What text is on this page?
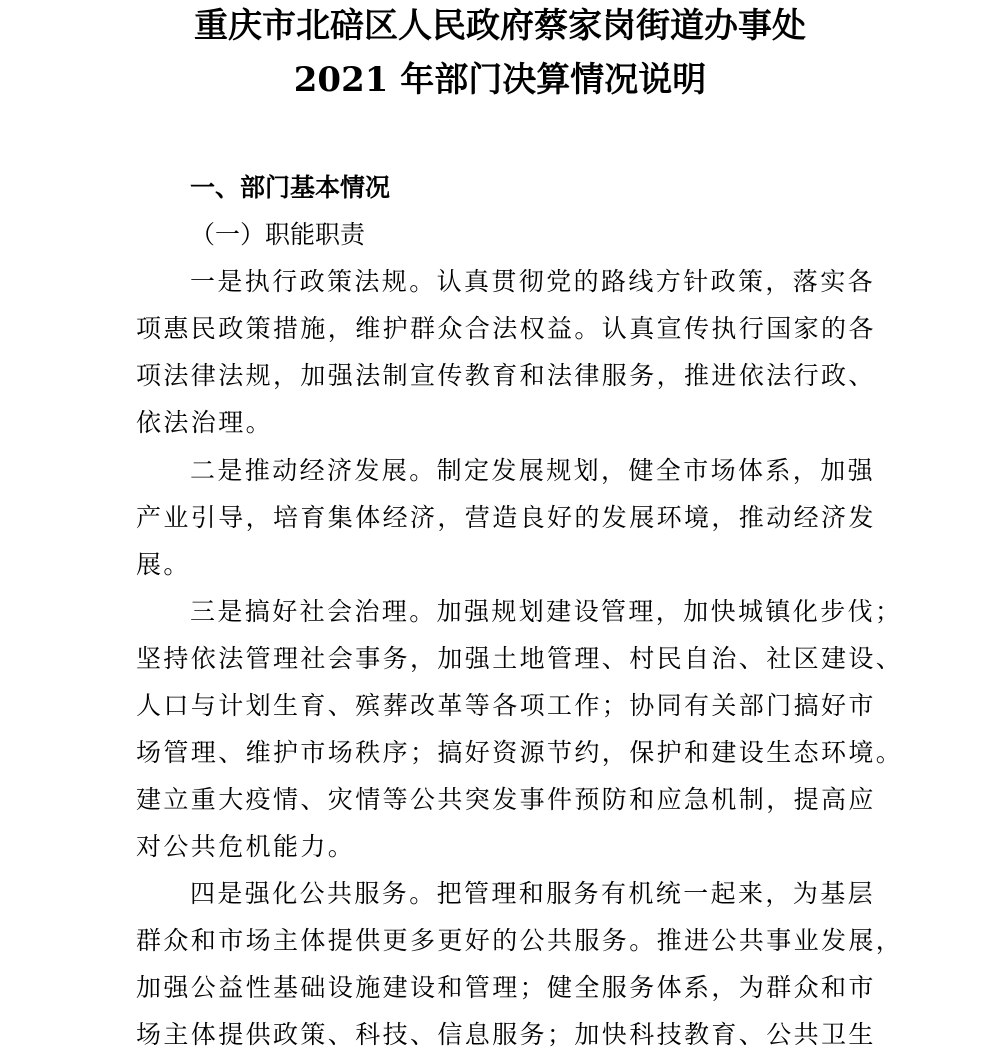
重庆市北碚区人民政府蔡家岗街道办事处
2021 年部门决算情况说明
一、部门基本情况
（一）职能职责
一是执行政策法规。认真贯彻党的路线方针政策，落实各
项惠民政策措施，维护群众合法权益。认真宣传执行国家的各
项法律法规，加强法制宣传教育和法律服务，推进依法行政、
依法治理。
二是推动经济发展。制定发展规划，健全市场体系，加强
产业引导，培育集体经济，营造良好的发展环境，推动经济发
展。
三是搞好社会治理。加强规划建设管理，加快城镇化步伐；
坚持依法管理社会事务，加强土地管理、村民自治、社区建设、
人口与计划生育、殡葬改革等各项工作；协同有关部门搞好市
场管理、维护市场秩序；搞好资源节约，保护和建设生态环境。
建立重大疫情、灾情等公共突发事件预防和应急机制，提高应
对公共危机能力。
四是强化公共服务。把管理和服务有机统一起来，为基层
群众和市场主体提供更多更好的公共服务。推进公共事业发展，
加强公益性基础设施建设和管理；健全服务体系，为群众和市
场主体提供政策、科技、信息服务；加快科技教育、公共卫生
